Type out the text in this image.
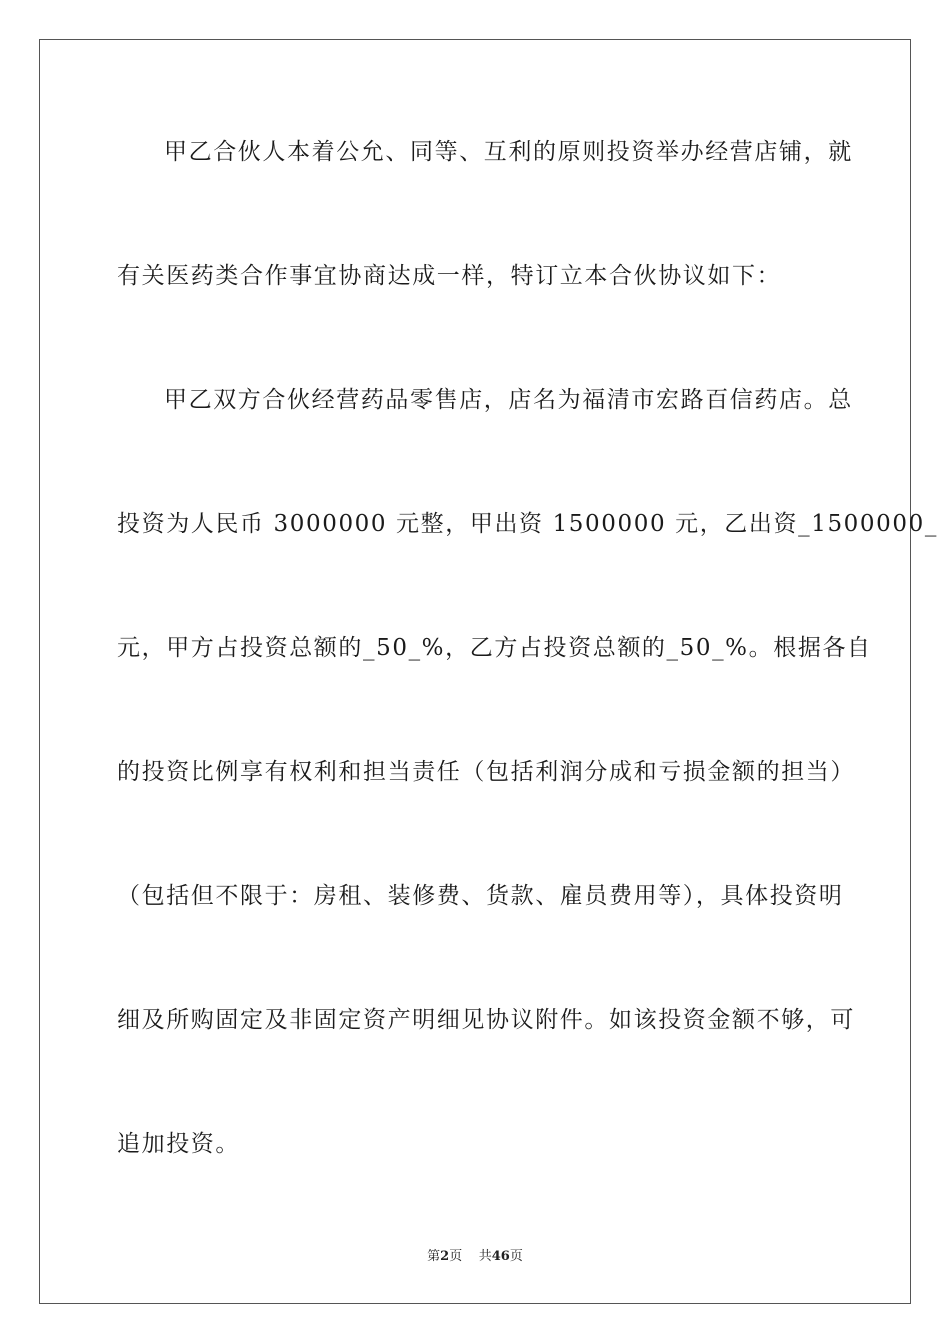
甲乙合伙人本着公允、同等、互利的原则投资举办经营店铺，就
有关医药类合作事宜协商达成一样，特订立本合伙协议如下：
甲乙双方合伙经营药品零售店，店名为福清市宏路百信药店。总
投资为人民币 3000000 元整，甲出资 1500000 元，乙出资_1500000_
元，甲方占投资总额的_50_%，乙方占投资总额的_50_%。根据各自
的投资比例享有权利和担当责任（包括利润分成和亏损金额的担当）
（包括但不限于：房租、装修费、货款、雇员费用等），具体投资明
细及所购固定及非固定资产明细见协议附件。如该投资金额不够，可
追加投资。
第2页 共46页
